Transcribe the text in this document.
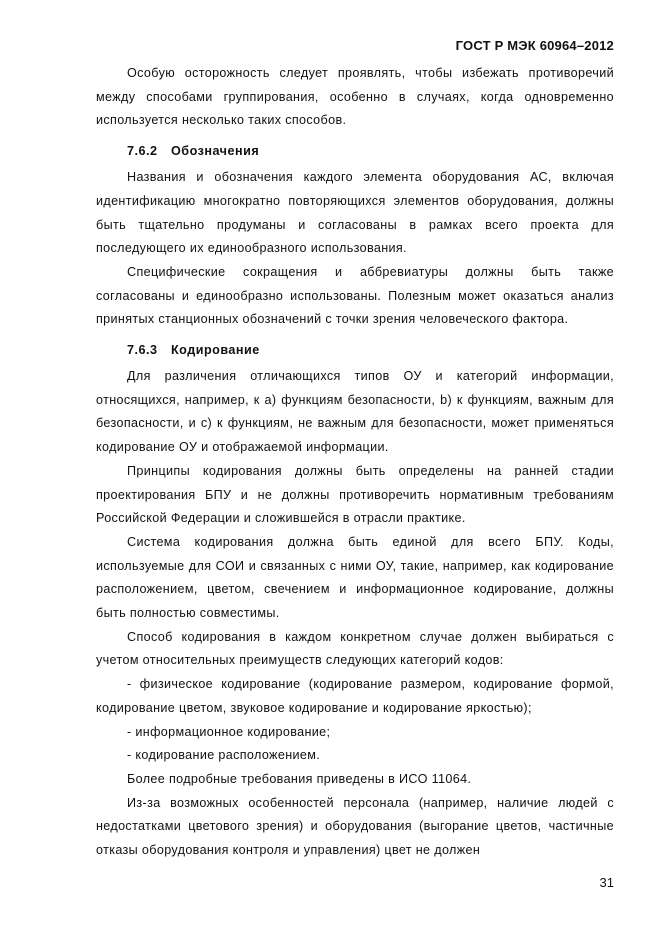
ГОСТ Р МЭК 60964–2012

Особую осторожность следует проявлять, чтобы избежать противоречий между способами группирования, особенно в случаях, когда одновременно используется несколько таких способов.

7.6.2 Обозначения

Названия и обозначения каждого элемента оборудования АС, включая идентификацию многократно повторяющихся элементов оборудования, должны быть тщательно продуманы и согласованы в рамках всего проекта для последующего их единообразного использования.

Специфические сокращения и аббревиатуры должны быть также согласованы и единообразно использованы. Полезным может оказаться анализ принятых станционных обозначений с точки зрения человеческого фактора.

7.6.3 Кодирование

Для различения отличающихся типов ОУ и категорий информации, относящихся, например, к a) функциям безопасности, b) к функциям, важным для безопасности, и c) к функциям, не важным для безопасности, может применяться кодирование ОУ и отображаемой информации.

Принципы кодирования должны быть определены на ранней стадии проектирования БПУ и не должны противоречить нормативным требованиям Российской Федерации и сложившейся в отрасли практике.

Система кодирования должна быть единой для всего БПУ. Коды, используемые для СОИ и связанных с ними ОУ, такие, например, как кодирование расположением, цветом, свечением и информационное кодирование, должны быть полностью совместимы.

Способ кодирования в каждом конкретном случае должен выбираться с учетом относительных преимуществ следующих категорий кодов:

- физическое кодирование (кодирование размером, кодирование формой, кодирование цветом, звуковое кодирование и кодирование яркостью);

- информационное кодирование;

- кодирование расположением.

Более подробные требования приведены в ИСО 11064.

Из-за возможных особенностей персонала (например, наличие людей с недостатками цветового зрения) и оборудования (выгорание цветов, частичные отказы оборудования контроля и управления) цвет не должен

31
